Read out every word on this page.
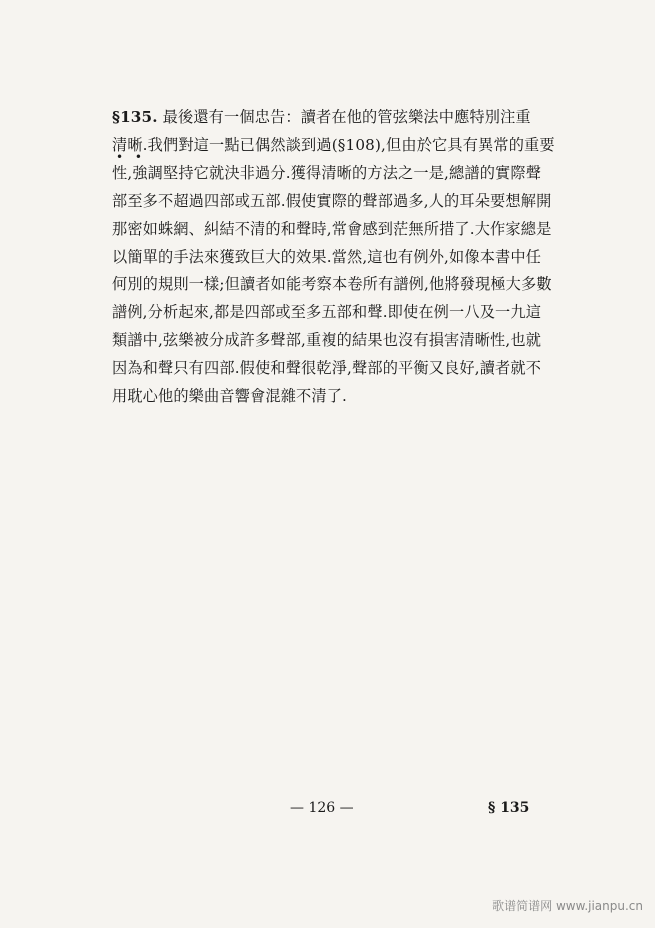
§135. 最後還有一個忠告：讀者在他的管弦樂法中應特別注重
清晰.我們對這一點已偶然談到過(§108),但由於它具有異常的重要
性,強調堅持它就決非過分.獲得清晰的方法之一是,總譜的實際聲
部至多不超過四部或五部.假使實際的聲部過多,人的耳朵要想解開
那密如蛛網、糾結不清的和聲時,常會感到茫無所措了.大作家總是
以簡單的手法來獲致巨大的效果.當然,這也有例外,如像本書中任
何別的規則一樣;但讀者如能考察本卷所有譜例,他將發現極大多數
譜例,分析起來,都是四部或至多五部和聲.即使在例一八及一九這
類譜中,弦樂被分成許多聲部,重複的結果也沒有損害清晰性,也就
因為和聲只有四部.假使和聲很乾淨,聲部的平衡又良好,讀者就不
用耽心他的樂曲音響會混雜不清了.
• •
— 126 —	§ 135
歌谱简谱网 www.jianpu.cn
